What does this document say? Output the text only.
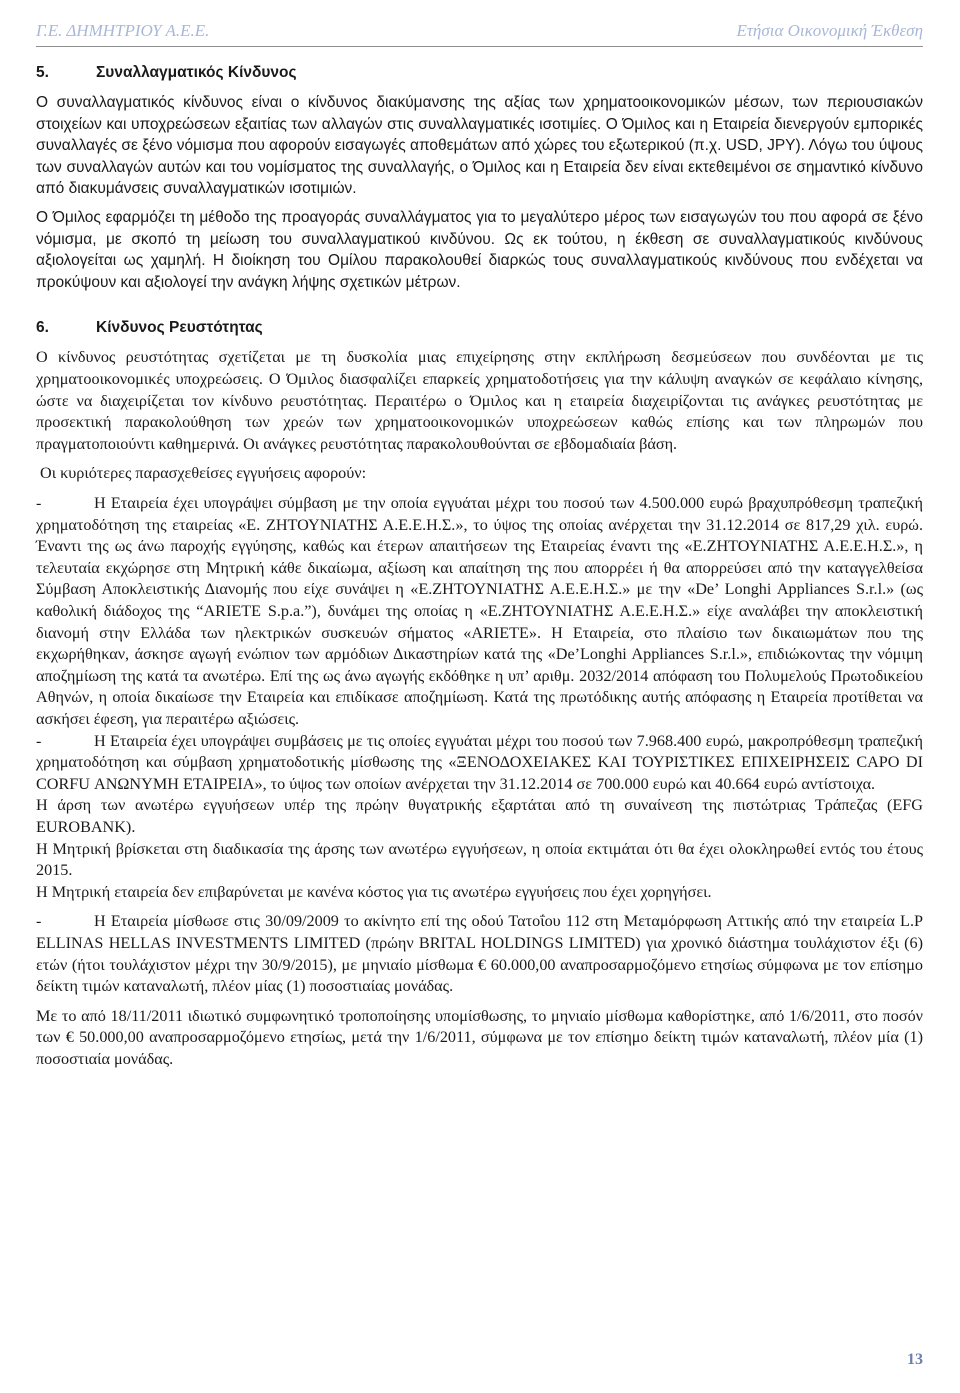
Γ.Ε. ΔΗΜΗΤΡΙΟΥ Α.Ε.Ε.	Ετήσια Οικονομική Έκθεση
5.	Συναλλαγματικός Κίνδυνος

Ο συναλλαγματικός κίνδυνος είναι ο κίνδυνος διακύμανσης της αξίας των χρηματοοικονομικών μέσων, των περιουσιακών στοιχείων και υποχρεώσεων εξαιτίας των αλλαγών στις συναλλαγματικές ισοτιμίες. Ο Όμιλος και η Εταιρεία διενεργούν εμπορικές συναλλαγές σε ξένο νόμισμα που αφορούν εισαγωγές αποθεμάτων από χώρες του εξωτερικού (π.χ. USD, JPY). Λόγω του ύψους των συναλλαγών αυτών και του νομίσματος της συναλλαγής, ο Όμιλος και η Εταιρεία δεν είναι εκτεθειμένοι σε σημαντικό κίνδυνο από διακυμάνσεις συναλλαγματικών ισοτιμιών.

Ο Όμιλος εφαρμόζει τη μέθοδο της προαγοράς συναλλάγματος για το μεγαλύτερο μέρος των εισαγωγών του που αφορά σε ξένο νόμισμα, με σκοπό τη μείωση του συναλλαγματικού κινδύνου. Ως εκ τούτου, η έκθεση σε συναλλαγματικούς κινδύνους αξιολογείται ως χαμηλή. Η διοίκηση του Ομίλου παρακολουθεί διαρκώς τους συναλλαγματικούς κινδύνους που ενδέχεται να προκύψουν και αξιολογεί την ανάγκη λήψης σχετικών μέτρων.

6.	Κίνδυνος Ρευστότητας

Ο κίνδυνος ρευστότητας σχετίζεται με τη δυσκολία μιας επιχείρησης στην εκπλήρωση δεσμεύσεων που συνδέονται με τις χρηματοοικονομικές υποχρεώσεις. Ο Όμιλος διασφαλίζει επαρκείς χρηματοδοτήσεις για την κάλυψη αναγκών σε κεφάλαιο κίνησης, ώστε να διαχειρίζεται τον κίνδυνο ρευστότητας. Περαιτέρω ο Όμιλος και η εταιρεία διαχειρίζονται τις ανάγκες ρευστότητας με προσεκτική παρακολούθηση των χρεών των χρηματοοικονομικών υποχρεώσεων καθώς επίσης και των πληρωμών που πραγματοποιούντι καθημερινά. Οι ανάγκες ρευστότητας παρακολουθούνται σε εβδομαδιαία βάση.

Οι κυριότερες παρασχεθείσες εγγυήσεις αφορούν:

-	Η Εταιρεία έχει υπογράψει σύμβαση με την οποία εγγυάται μέχρι του ποσού των 4.500.000 ευρώ βραχυπρόθεσμη τραπεζική χρηματοδότηση της εταιρείας «Ε. ΖΗΤΟΥΝΙΑΤΗΣ Α.Ε.Ε.Η.Σ.», το ύψος της οποίας ανέρχεται την 31.12.2014 σε 817,29 χιλ. ευρώ. Έναντι της ως άνω παροχής εγγύησης, καθώς και έτερων απαιτήσεων της Εταιρείας έναντι της «Ε.ΖΗΤΟΥΝΙΑΤΗΣ Α.Ε.Ε.Η.Σ.», η τελευταία εκχώρησε στη Μητρική κάθε δικαίωμα, αξίωση και απαίτηση της που απορρέει ή θα απορρεύσει από την καταγγελθείσα Σύμβαση Αποκλειστικής Διανομής που είχε συνάψει η «Ε.ΖΗΤΟΥΝΙΑΤΗΣ Α.Ε.Ε.Η.Σ.» με την «De’ Longhi Appliances S.r.l.» (ως καθολική διάδοχος της “ARIETE S.p.a.”), δυνάμει της οποίας η «Ε.ΖΗΤΟΥΝΙΑΤΗΣ Α.Ε.Ε.Η.Σ.» είχε αναλάβει την αποκλειστική διανομή στην Ελλάδα των ηλεκτρικών συσκευών σήματος «ARIETE». Η Εταιρεία, στο πλαίσιο των δικαιωμάτων που της εκχωρήθηκαν, άσκησε αγωγή ενώπιον των αρμόδιων Δικαστηρίων κατά της «De’Longhi Appliances S.r.l.», επιδιώκοντας την νόμιμη αποζημίωση της κατά τα ανωτέρω. Επί της ως άνω αγωγής εκδόθηκε η υπ’ αριθμ. 2032/2014 απόφαση του Πολυμελούς Πρωτοδικείου Αθηνών, η οποία δικαίωσε την Εταιρεία και επιδίκασε αποζημίωση. Κατά της πρωτόδικης αυτής απόφασης η Εταιρεία προτίθεται να ασκήσει έφεση, για περαιτέρω αξιώσεις.

-	Η Εταιρεία έχει υπογράψει συμβάσεις με τις οποίες εγγυάται μέχρι του ποσού των 7.968.400 ευρώ, μακροπρόθεσμη τραπεζική χρηματοδότηση και σύμβαση χρηματοδοτικής μίσθωσης της «ΞΕΝΟΔΟΧΕΙΑΚΕΣ ΚΑΙ ΤΟΥΡΙΣΤΙΚΕΣ ΕΠΙΧΕΙΡΗΣΕΙΣ CAPO DI CORFU ΑΝΩΝΥΜΗ ΕΤΑΙΡΕΙΑ», το ύψος των οποίων ανέρχεται την 31.12.2014 σε 700.000 ευρώ και 40.664 ευρώ αντίστοιχα.

Η άρση των ανωτέρω εγγυήσεων υπέρ της πρώην θυγατρικής εξαρτάται από τη συναίνεση της πιστώτριας Τράπεζας (EFG EUROBANK).

Η Μητρική βρίσκεται στη διαδικασία της άρσης των ανωτέρω εγγυήσεων, η οποία εκτιμάται ότι θα έχει ολοκληρωθεί εντός του έτους 2015.

Η Μητρική εταιρεία δεν επιβαρύνεται με κανένα κόστος για τις ανωτέρω εγγυήσεις που έχει χορηγήσει.

-	Η Εταιρεία μίσθωσε στις 30/09/2009 το ακίνητο επί της οδού Τατοΐου 112 στη Μεταμόρφωση Αττικής από την εταιρεία L.P ELLINAS HELLAS INVESTMENTS LIMITED (πρώην BRITAL HOLDINGS LIMITED) για χρονικό διάστημα τουλάχιστον έξι (6) ετών (ήτοι τουλάχιστον μέχρι την 30/9/2015), με μηνιαίο μίσθωμα € 60.000,00 αναπροσαρμοζόμενο ετησίως σύμφωνα με τον επίσημο δείκτη τιμών καταναλωτή, πλέον μίας (1) ποσοστιαίας μονάδας.

Με το από 18/11/2011 ιδιωτικό συμφωνητικό τροποποίησης υπομίσθωσης, το μηνιαίο μίσθωμα καθορίστηκε, από 1/6/2011, στο ποσόν των € 50.000,00 αναπροσαρμοζόμενο ετησίως, μετά την 1/6/2011, σύμφωνα με τον επίσημο δείκτη τιμών καταναλωτή, πλέον μία (1) ποσοστιαία μονάδας.

13
